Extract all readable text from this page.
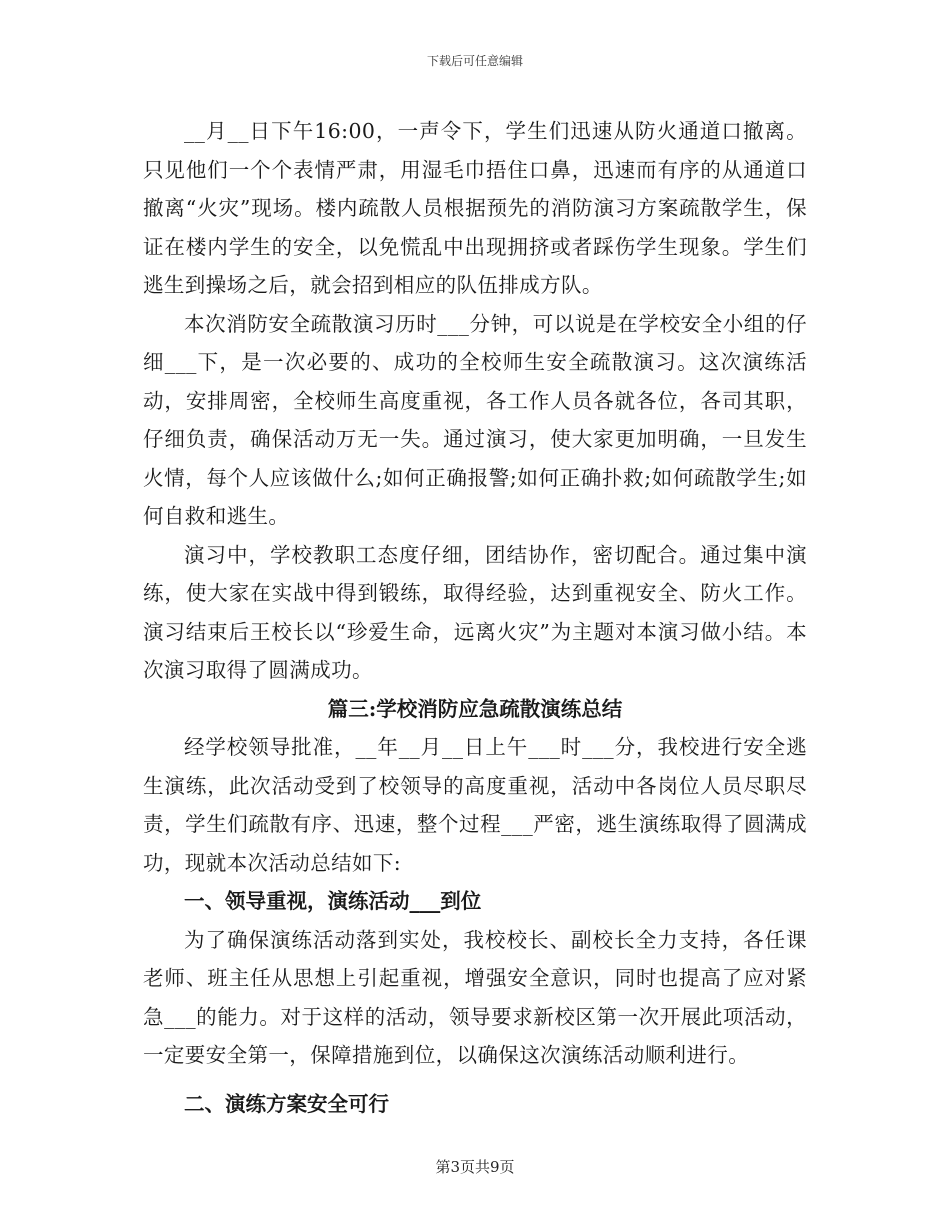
下载后可任意编辑

__月__日下午16:00，一声令下，学生们迅速从防火通道口撤离。只见他们一个个表情严肃，用湿毛巾捂住口鼻，迅速而有序的从通道口撤离“火灾”现场。楼内疏散人员根据预先的消防演习方案疏散学生，保证在楼内学生的安全，以免慌乱中出现拥挤或者踩伤学生现象。学生们逃生到操场之后，就会招到相应的队伍排成方队。

本次消防安全疏散演习历时___分钟，可以说是在学校安全小组的仔细___下，是一次必要的、成功的全校师生安全疏散演习。这次演练活动，安排周密，全校师生高度重视，各工作人员各就各位，各司其职，仔细负责，确保活动万无一失。通过演习，使大家更加明确，一旦发生火情，每个人应该做什么;如何正确报警;如何正确扑救;如何疏散学生;如何自救和逃生。

演习中，学校教职工态度仔细，团结协作，密切配合。通过集中演练，使大家在实战中得到锻练，取得经验，达到重视安全、防火工作。演习结束后王校长以“珍爱生命，远离火灾”为主题对本演习做小结。本次演习取得了圆满成功。

篇三:学校消防应急疏散演练总结

经学校领导批准，__年__月__日上午___时___分，我校进行安全逃生演练，此次活动受到了校领导的高度重视，活动中各岗位人员尽职尽责，学生们疏散有序、迅速，整个过程___严密，逃生演练取得了圆满成功，现就本次活动总结如下:

一、领导重视，演练活动___到位

为了确保演练活动落到实处，我校校长、副校长全力支持，各任课老师、班主任从思想上引起重视，增强安全意识，同时也提高了应对紧急___的能力。对于这样的活动，领导要求新校区第一次开展此项活动，一定要安全第一，保障措施到位，以确保这次演练活动顺利进行。

二、演练方案安全可行

第3页共9页
